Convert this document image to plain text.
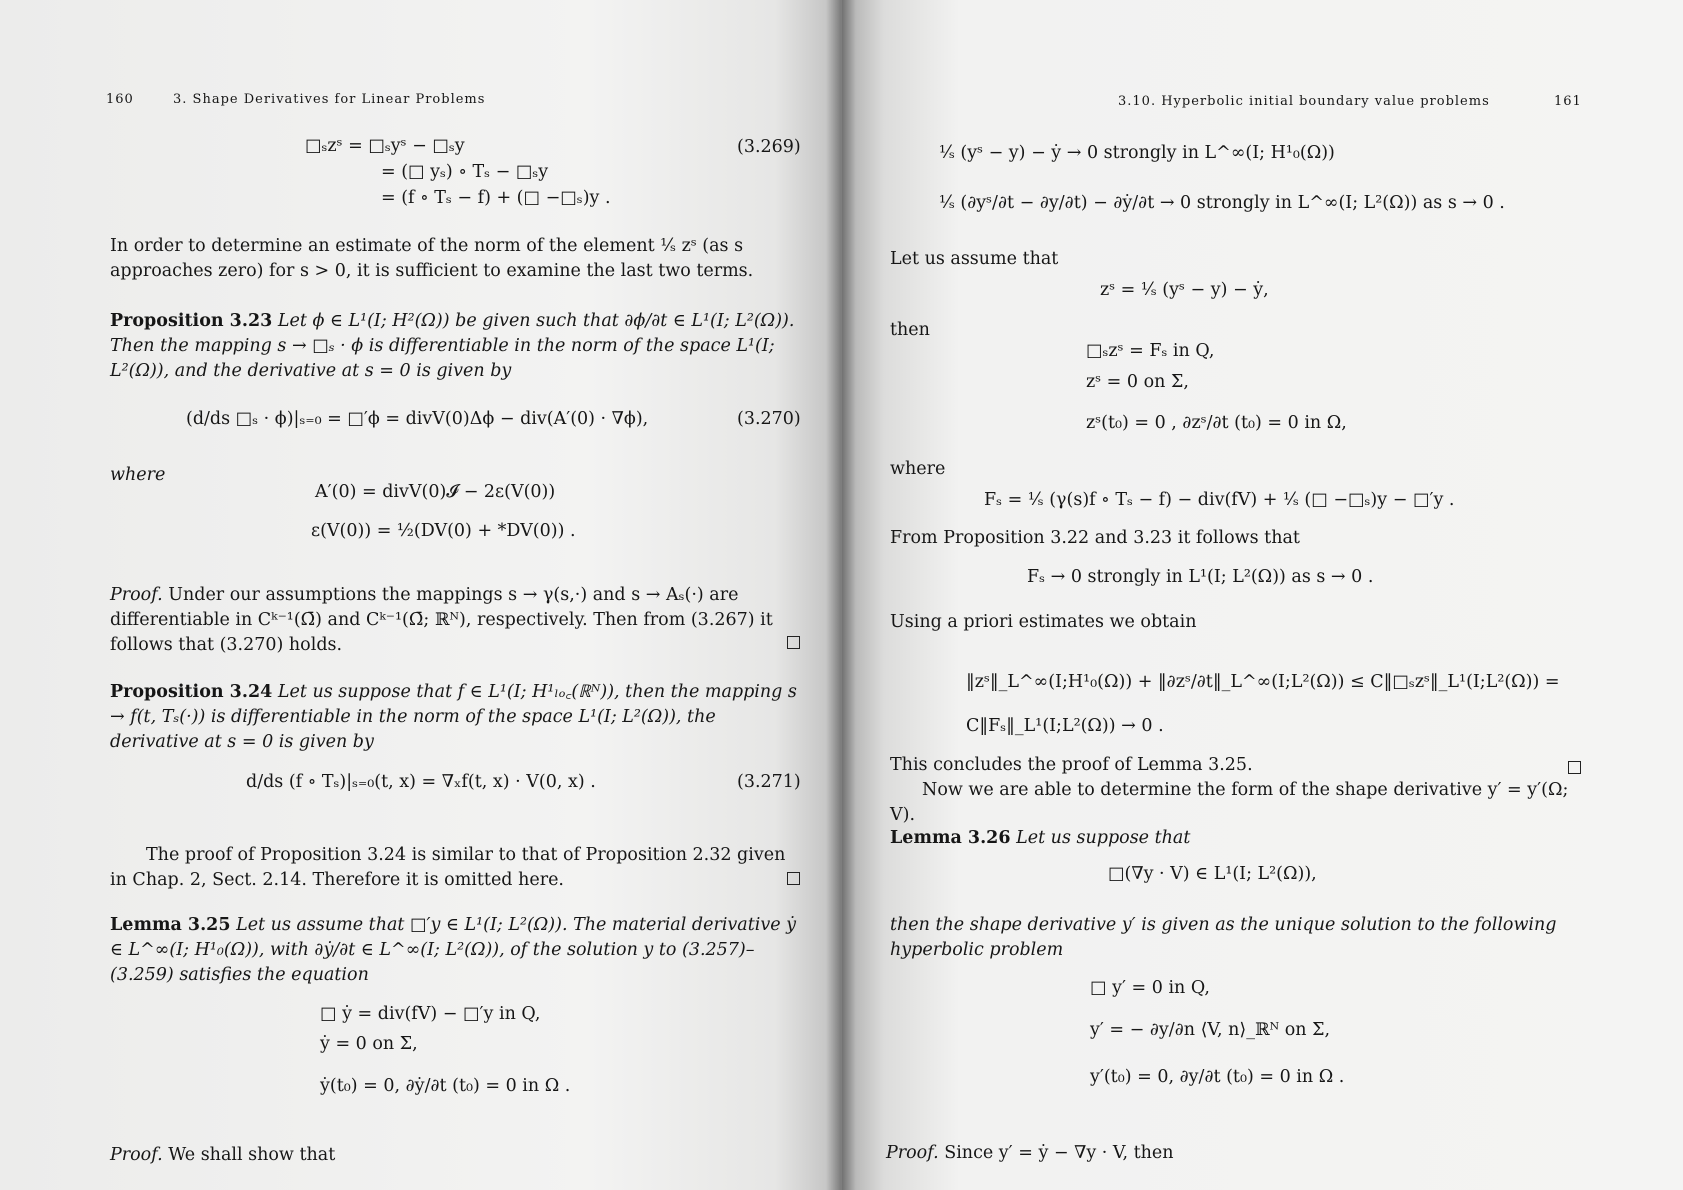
160	3. Shape Derivatives for Linear Problems
□ₛzˢ = □ₛyˢ − □ₛy
= (□ yₛ) ∘ Tₛ − □ₛy
= (f ∘ Tₛ − f) + (□ −□ₛ)y .
(3.269)

In order to determine an estimate of the norm of the element ¹⁄ₛ zˢ (as s approaches zero) for s > 0, it is sufficient to examine the last two terms.

Proposition 3.23 Let ϕ ∈ L¹(I; H²(Ω)) be given such that ∂ϕ/∂t ∈ L¹(I; L²(Ω)). Then the mapping s → □ₛ · ϕ is differentiable in the norm of the space L¹(I; L²(Ω)), and the derivative at s = 0 is given by

(d/ds □ₛ · ϕ)|ₛ₌₀ = □′ϕ = divV(0)Δϕ − div(A′(0) · ∇ϕ),	(3.270)
where
A′(0) = divV(0)𝓘 − 2ε(V(0))
ε(V(0)) = ½(DV(0) + *DV(0)) .

Proof. Under our assumptions the mappings s → γ(s,·) and s → Aₛ(·) are differentiable in Cᵏ⁻¹(Ω̄) and Cᵏ⁻¹(Ω̄; ℝᴺ), respectively. Then from (3.267) it follows that (3.270) holds.

Proposition 3.24 Let us suppose that f ∈ L¹(I; H¹ₗₒ꜀(ℝᴺ)), then the mapping s → f(t, Tₛ(·)) is differentiable in the norm of the space L¹(I; L²(Ω)), the derivative at s = 0 is given by

d/ds (f ∘ Tₛ)|ₛ₌₀(t, x) = ∇ₓf(t, x) · V(0, x) .	(3.271)

The proof of Proposition 3.24 is similar to that of Proposition 2.32 given in Chap. 2, Sect. 2.14. Therefore it is omitted here.

Lemma 3.25 Let us assume that □′y ∈ L¹(I; L²(Ω)). The material derivative ẏ ∈ L^∞(I; H¹₀(Ω)), with ∂ẏ/∂t ∈ L^∞(I; L²(Ω)), of the solution y to (3.257)–(3.259) satisfies the equation

□ ẏ = div(fV) − □′y in Q,
ẏ = 0 on Σ,
ẏ(t₀) = 0, ∂ẏ/∂t (t₀) = 0 in Ω .

Proof. We shall show that

3.10. Hyperbolic initial boundary value problems	161
¹⁄ₛ (yˢ − y) − ẏ → 0 strongly in L^∞(I; H¹₀(Ω))
¹⁄ₛ (∂yˢ/∂t − ∂y/∂t) − ∂ẏ/∂t → 0 strongly in L^∞(I; L²(Ω)) as s → 0 .
Let us assume that
zˢ = ¹⁄ₛ (yˢ − y) − ẏ,
then
□ₛzˢ = Fₛ in Q,
zˢ = 0 on Σ,
zˢ(t₀) = 0 , ∂zˢ/∂t (t₀) = 0 in Ω,
where
Fₛ = ¹⁄ₛ (γ(s)f ∘ Tₛ − f) − div(fV) + ¹⁄ₛ (□ −□ₛ)y − □′y .
From Proposition 3.22 and 3.23 it follows that
Fₛ → 0 strongly in L¹(I; L²(Ω)) as s → 0 .
Using a priori estimates we obtain
‖zˢ‖_L^∞(I;H¹₀(Ω)) + ‖∂zˢ/∂t‖_L^∞(I;L²(Ω)) ≤ C‖□ₛzˢ‖_L¹(I;L²(Ω)) =
C‖Fₛ‖_L¹(I;L²(Ω)) → 0 .
This concludes the proof of Lemma 3.25.

Now we are able to determine the form of the shape derivative y′ = y′(Ω; V).

Lemma 3.26 Let us suppose that

□(∇y · V) ∈ L¹(I; L²(Ω)),

then the shape derivative y′ is given as the unique solution to the following hyperbolic problem

□ y′ = 0 in Q,
y′ = − ∂y/∂n ⟨V, n⟩_ℝᴺ on Σ,
y′(t₀) = 0, ∂y/∂t (t₀) = 0 in Ω .

Proof. Since y′ = ẏ − ∇y · V, then
